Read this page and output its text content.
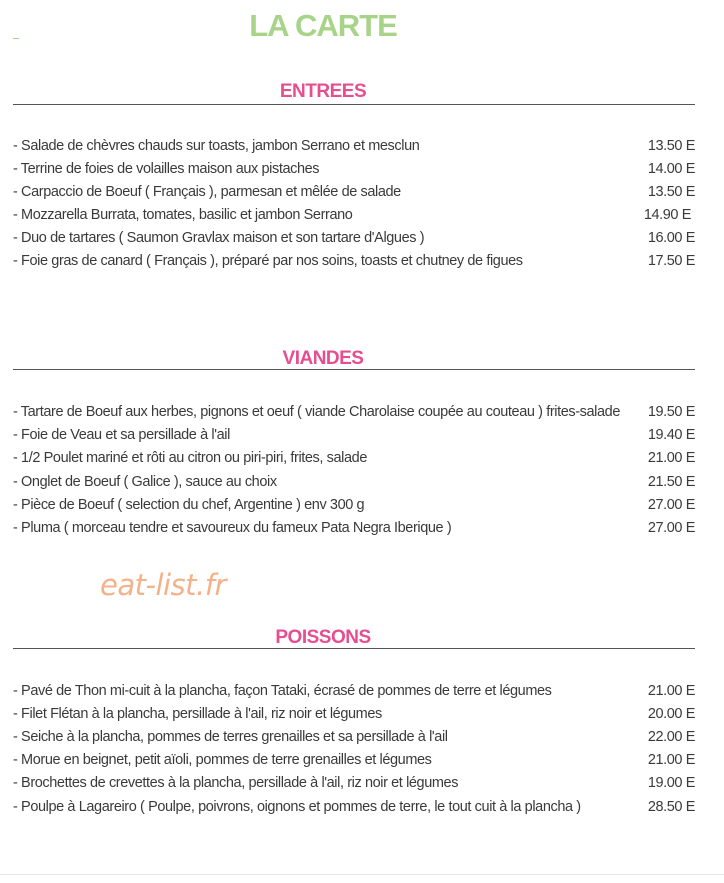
LA CARTE
ENTREES
- Salade de chèvres chauds sur toasts, jambon Serrano et mesclun	13.50 E
- Terrine de foies de volailles maison aux pistaches	14.00 E
- Carpaccio de Boeuf ( Français ), parmesan et mêlée de salade	13.50 E
- Mozzarella Burrata, tomates, basilic et jambon Serrano	14.90 E
- Duo de tartares ( Saumon Gravlax maison et son tartare d'Algues )	16.00 E
- Foie gras de canard ( Français ), préparé par nos soins, toasts et chutney de figues	17.50 E
VIANDES
- Tartare de Boeuf aux herbes, pignons et oeuf ( viande Charolaise coupée au couteau ) frites-salade 19.50 E
- Foie de Veau et sa persillade à l'ail	19.40 E
- 1/2 Poulet mariné et rôti au citron ou piri-piri, frites, salade	21.00 E
- Onglet de Boeuf ( Galice ), sauce au choix	21.50 E
- Pièce de Boeuf ( selection du chef, Argentine ) env 300 g	27.00 E
- Pluma ( morceau tendre et savoureux du fameux Pata Negra Iberique )	27.00 E
eat-list.fr
POISSONS
- Pavé de Thon mi-cuit à la plancha, façon Tataki, écrasé de pommes de terre et légumes	21.00 E
- Filet Flétan à la plancha, persillade à l'ail, riz noir et légumes	20.00 E
- Seiche à la plancha, pommes de terres grenailles et sa persillade à l'ail	22.00 E
- Morue en beignet, petit aïoli, pommes de terre grenailles et légumes	21.00 E
- Brochettes de crevettes à la plancha, persillade à l'ail, riz noir et légumes	19.00 E
- Poulpe à Lagareiro ( Poulpe, poivrons, oignons et pommes de terre, le tout cuit à la plancha )	28.50 E
